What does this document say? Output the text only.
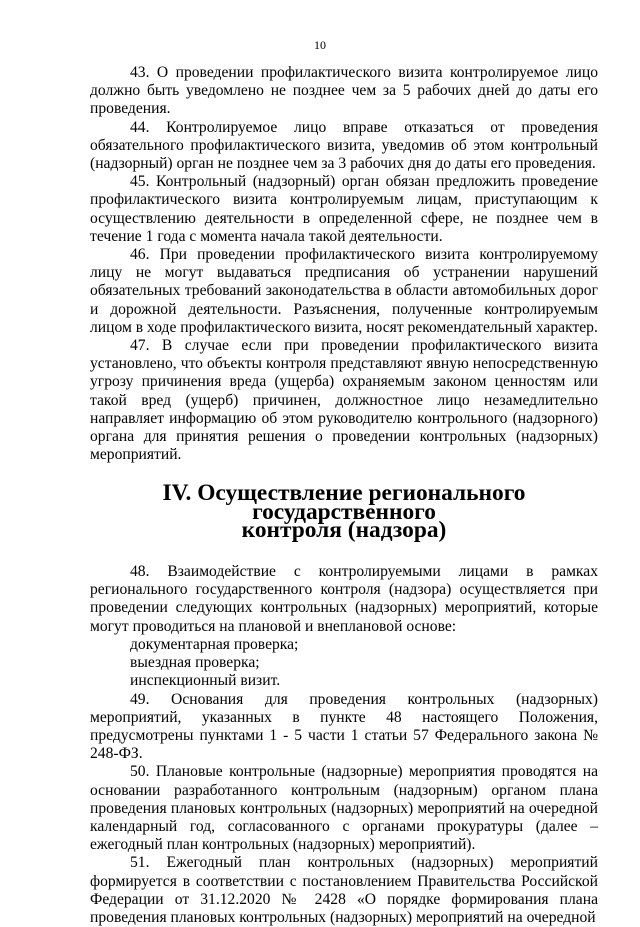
10

43. О проведении профилактического визита контролируемое лицо должно быть уведомлено не позднее чем за 5 рабочих дней до даты его проведения.

44. Контролируемое лицо вправе отказаться от проведения обязательного профилактического визита, уведомив об этом контрольный (надзорный) орган не позднее чем за 3 рабочих дня до даты его проведения.

45. Контрольный (надзорный) орган обязан предложить проведение профилактического визита контролируемым лицам, приступающим к осуществлению деятельности в определенной сфере, не позднее чем в течение 1 года с момента начала такой деятельности.

46. При проведении профилактического визита контролируемому лицу не могут выдаваться предписания об устранении нарушений обязательных требований законодательства в области автомобильных дорог и дорожной деятельности. Разъяснения, полученные контролируемым лицом в ходе профилактического визита, носят рекомендательный характер.

47. В случае если при проведении профилактического визита установлено, что объекты контроля представляют явную непосредственную угрозу причинения вреда (ущерба) охраняемым законом ценностям или такой вред (ущерб) причинен, должностное лицо незамедлительно направляет информацию об этом руководителю контрольного (надзорного) органа для принятия решения о проведении контрольных (надзорных) мероприятий.

IV. Осуществление регионального государственного
контроля (надзора)

48. Взаимодействие с контролируемыми лицами в рамках регионального государственного контроля (надзора) осуществляется при проведении следующих контрольных (надзорных) мероприятий, которые могут проводиться на плановой и внеплановой основе:

документарная проверка;

выездная проверка;

инспекционный визит.

49. Основания для проведения контрольных (надзорных) мероприятий, указанных в пункте 48 настоящего Положения, предусмотрены пунктами 1 - 5 части 1 статьи 57 Федерального закона № 248-ФЗ.

50. Плановые контрольные (надзорные) мероприятия проводятся на основании разработанного контрольным (надзорным) органом плана проведения плановых контрольных (надзорных) мероприятий на очередной календарный год, согласованного с органами прокуратуры (далее – ежегодный план контрольных (надзорных) мероприятий).

51. Ежегодный план контрольных (надзорных) мероприятий формируется в соответствии с постановлением Правительства Российской Федерации от 31.12.2020 № 2428 «О порядке формирования плана проведения плановых контрольных (надзорных) мероприятий на очередной
